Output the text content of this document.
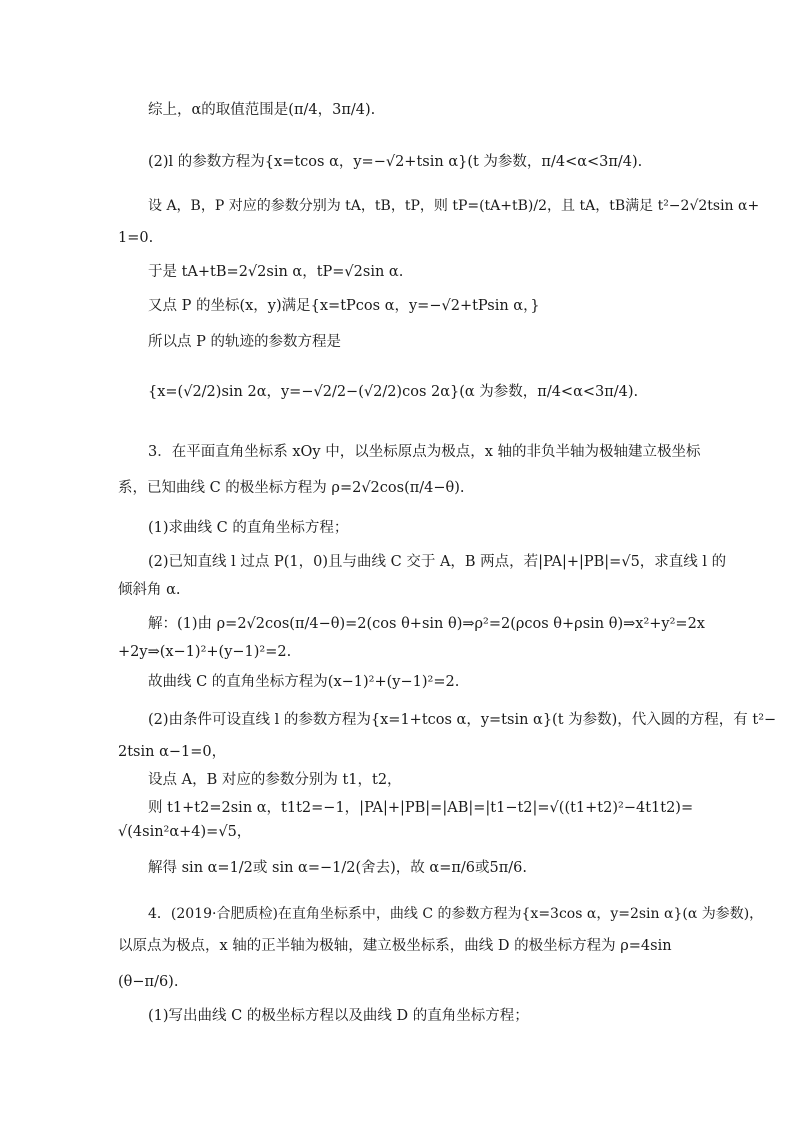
综上，α的取值范围是(π/4，3π/4).
(2)l 的参数方程为{x=tcos α，y=−√2+tsin α}(t 为参数，π/4<α<3π/4).
设 A，B，P 对应的参数分别为 tA，tB，tP，则 tP=(tA+tB)/2，且 tA，tB满足 t²−2√2tsin α+
1=0.
于是 tA+tB=2√2sin α，tP=√2sin α.
又点 P 的坐标(x，y)满足{x=tPcos α，y=−√2+tPsin α，}
所以点 P 的轨迹的参数方程是
{x=(√2/2)sin 2α，y=−√2/2−(√2/2)cos 2α}(α 为参数，π/4<α<3π/4).
3．在平面直角坐标系 xOy 中，以坐标原点为极点，x 轴的非负半轴为极轴建立极坐标
系，已知曲线 C 的极坐标方程为 ρ=2√2cos(π/4−θ).
(1)求曲线 C 的直角坐标方程；
(2)已知直线 l 过点 P(1，0)且与曲线 C 交于 A，B 两点，若|PA|+|PB|=√5，求直线 l 的
倾斜角 α.
解：(1)由 ρ=2√2cos(π/4−θ)=2(cos θ+sin θ)⇒ρ²=2(ρcos θ+ρsin θ)⇒x²+y²=2x
+2y⇒(x−1)²+(y−1)²=2.
故曲线 C 的直角坐标方程为(x−1)²+(y−1)²=2.
(2)由条件可设直线 l 的参数方程为{x=1+tcos α，y=tsin α}(t 为参数)，代入圆的方程，有 t²−
2tsin α−1=0，
设点 A，B 对应的参数分别为 t1，t2，
则 t1+t2=2sin α，t1t2=−1，|PA|+|PB|=|AB|=|t1−t2|=√((t1+t2)²−4t1t2)=
√(4sin²α+4)=√5，
解得 sin α=1/2或 sin α=−1/2(舍去)，故 α=π/6或5π/6.
4．(2019·合肥质检)在直角坐标系中，曲线 C 的参数方程为{x=3cos α，y=2sin α}(α 为参数)，
以原点为极点，x 轴的正半轴为极轴，建立极坐标系，曲线 D 的极坐标方程为 ρ=4sin
(θ−π/6).
(1)写出曲线 C 的极坐标方程以及曲线 D 的直角坐标方程；
